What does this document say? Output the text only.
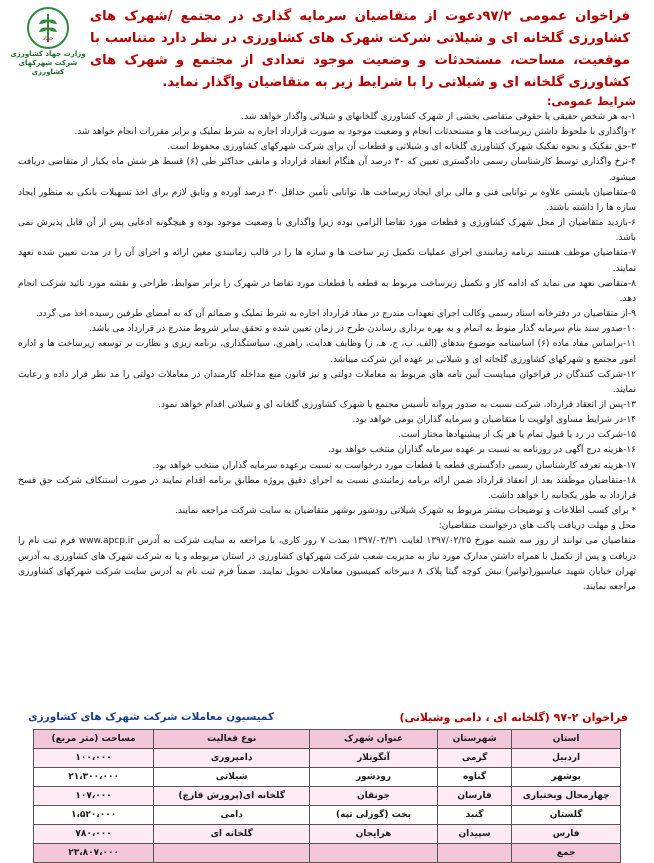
فراخوان عمومی ۹۷/۲دعوت از متقاضیان سرمایه گذاری در مجتمع /شهرک های کشاورزی گلخانه ای و شیلاتی شرکت شهرک های کشاورزی در نظر دارد متناسب با موقعیت، مساحت، مستحدثات و وضعیت موجود تعدادی از مجتمع و شهرک های کشاورزی گلخانه ای و شیلاتی را با شرایط زیر به متقاضیان واگذار نماید.
جهاد
وزارت جهاد کشاورزی
شرکت شهرکهای کشاورزی
شرایط عمومی:

۱-به هر شخص حقیقی یا حقوقی متقاضی بخشی از شهرک کشاورزی گلخانهای و شیلاتی واگذار خواهد شد.

۲-واگذاری با ملحوظ داشتن زیرساخت ها و مستحدثات انجام و وضعیت موجود به صورت قرارداد اجاره به شرط تملیک و برابر مقررات انجام خواهد شد.

۳-حق تفکیک و نحوه تفکیک شهرک کشاورزی گلخانه ای و شیلاتی و قطعات آن برای شرکت شهرکهای کشاورزی محفوظ است.

۴-نرخ واگذاری توسط کارشناسان رسمی دادگستری تعیین که ۳۰ درصد آن هنگام انعقاد قرارداد و مابقی حداکثر طی (۶) قسط هر شش ماه یکبار از متقاضی دریافت میشود.

۵-متقاضیان بایستی علاوه بر توانایی فنی و مالی برای ایجاد زیرساخت ها، توانایی تأمین حداقل ۳۰ درصد آورده و وثایق لازم برای اخذ تسهیلات بانکی به منظور ایجاد سازه ها را داشته باشند.

۶-بازدید متقاضیان از محل شهرک کشاورزی و قطعات مورد تقاضا الزامی بوده زیرا واگذاری با وضعیت موجود بوده و هیچگونه ادعایی پس از آن قابل پذیرش نمی باشد.

۷-متقاضیان موظف هستند برنامه زمانبندی اجرای عملیات تکمیل زیر ساخت ها و سازه ها را در قالب زمانبندی معین ارائه و اجرای آن را در مدت تعیین شده تعهد نمایند.

۸-متقاضی تعهد می نماید که ادامه کار و تکمیل زیرساخت مربوط به قطعه یا قطعات مورد تقاضا در شهرک را برابر ضوابط، طراحی و نقشه مورد تائید شرکت انجام دهد.

۹-از متقاضیان در دفترخانه اسناد رسمی وکالت اجرای تعهدات مندرج در مفاد قرارداد اجاره به شرط تملیک و ضمائم آن که به امضای طرفین رسیده اخذ می گردد.

۱۰-صدور سند بنام سرمایه گذار منوط به اتمام و به بهره برداری رساندن طرح در زمان تعیین شده و تحقق سایر شروط مندرج در قرارداد می باشد.

۱۱-براساس مفاد ماده (۶) اساسنامه موضوع بندهای (الف، ب، ج، هـ، ز) وظایف هدایت، راهبری، سیاستگذاری، برنامه ریزی و نظارت بر توسعه زیرساخت ها و اداره امور مجتمع و شهرکهای کشاورزی گلخانه ای و شیلاتی بر عهده این شرکت میباشد.

۱۲-شرکت کنندگان در فراخوان میبایست آیین نامه های مربوط به معاملات دولتی و نیز قانون منع مداخله کارمندان در معاملات دولتی را مد نظر قرار داده و رعایت نمایند.

۱۳-پس از انعقاد قرارداد، شرکت نسبت به صدور پروانه تأسیس مجتمع یا شهرک کشاورزی گلخانه ای و شیلاتی اقدام خواهد نمود.

۱۴-در شرایط مساوی اولویت با متقاضیان و سرمایه گذاران بومی خواهد بود.

۱۵-شرکت در رد یا قبول تمام یا هر یک از پیشنهادها مختار است.

۱۶-هزینه درج آگهی در روزنامه به نسبت بر عهده سرمایه گذاران منتخب خواهد بود.

۱۷-هزینه تعرفه کارشناسان رسمی دادگستری قطعه یا قطعات مورد درخواست به نسبت برعهده سرمایه گذاران منتخب خواهد بود.

۱۸-متقاضیان موظفند بعد از انعقاد قرارداد ضمن ارائه برنامه زمانبندی نسبت به اجرای دقیق پروژه مطابق برنامه اقدام نمایند در صورت استنکاف شرکت حق فسخ قرارداد به طور یکجانبه را خواهد داشت.

* برای کسب اطلاعات و توضیحات بیشتر مربوط به شهرک شیلاتی رودشور بوشهر متقاضیان به سایت شرکت مراجعه نمایند.

محل و مهلت دریافت پاکت های درخواست متقاضیان:

متقاضیان می توانند از روز سه شنبه مورخ ۱۳۹۷/۰۲/۲۵ لغایت ۱۳۹۷/۰۳/۳۱ بمدت ۷ روز کاری، با مراجعه به سایت شرکت به آدرس www.apcp.ir فرم ثبت نام را دریافت و پس از تکمیل با همراه داشتن مدارک مورد نیاز به مدیریت شعب شرکت شهرکهای کشاورزی در استان مربوطه و یا به شرکت شهرک های کشاورزی به آدرس تهران خیابان شهید عباسپور(توانیر) نبش کوچه گیتا پلاک ۸ دبیرخانه کمیسیون معاملات تحویل نمایند. ضمناً فرم ثبت نام به آدرس سایت شرکت شهرکهای کشاورزی مراجعه نمایند.

فراخوان ۲-۹۷ (گلخانه ای ، دامی وشیلاتی)
کمیسیون معاملات شرکت شهرک های کشاورزی
استان	شهرستان	عنوان شهرک	نوع فعالیت	مساحت (متر مربع)
اردبیل	گرمی	آنگوتلار	دامپروری	۱۰۰،۰۰۰
بوشهر	گناوه	رودشور	شیلاتی	۲۱،۳۰۰،۰۰۰
چهارمحال وبختیاری	فارسان	جونقان	گلخانه ای(پرورش قارچ)	۱۰۷،۰۰۰
گلستان	گنبد	بخت (گوزلی تپه)	دامی	۱،۵۲۰،۰۰۰
فارس	سپیدان	هرایجان	گلخانه ای	۷۸۰،۰۰۰
جمع				۲۳،۸۰۷،۰۰۰
